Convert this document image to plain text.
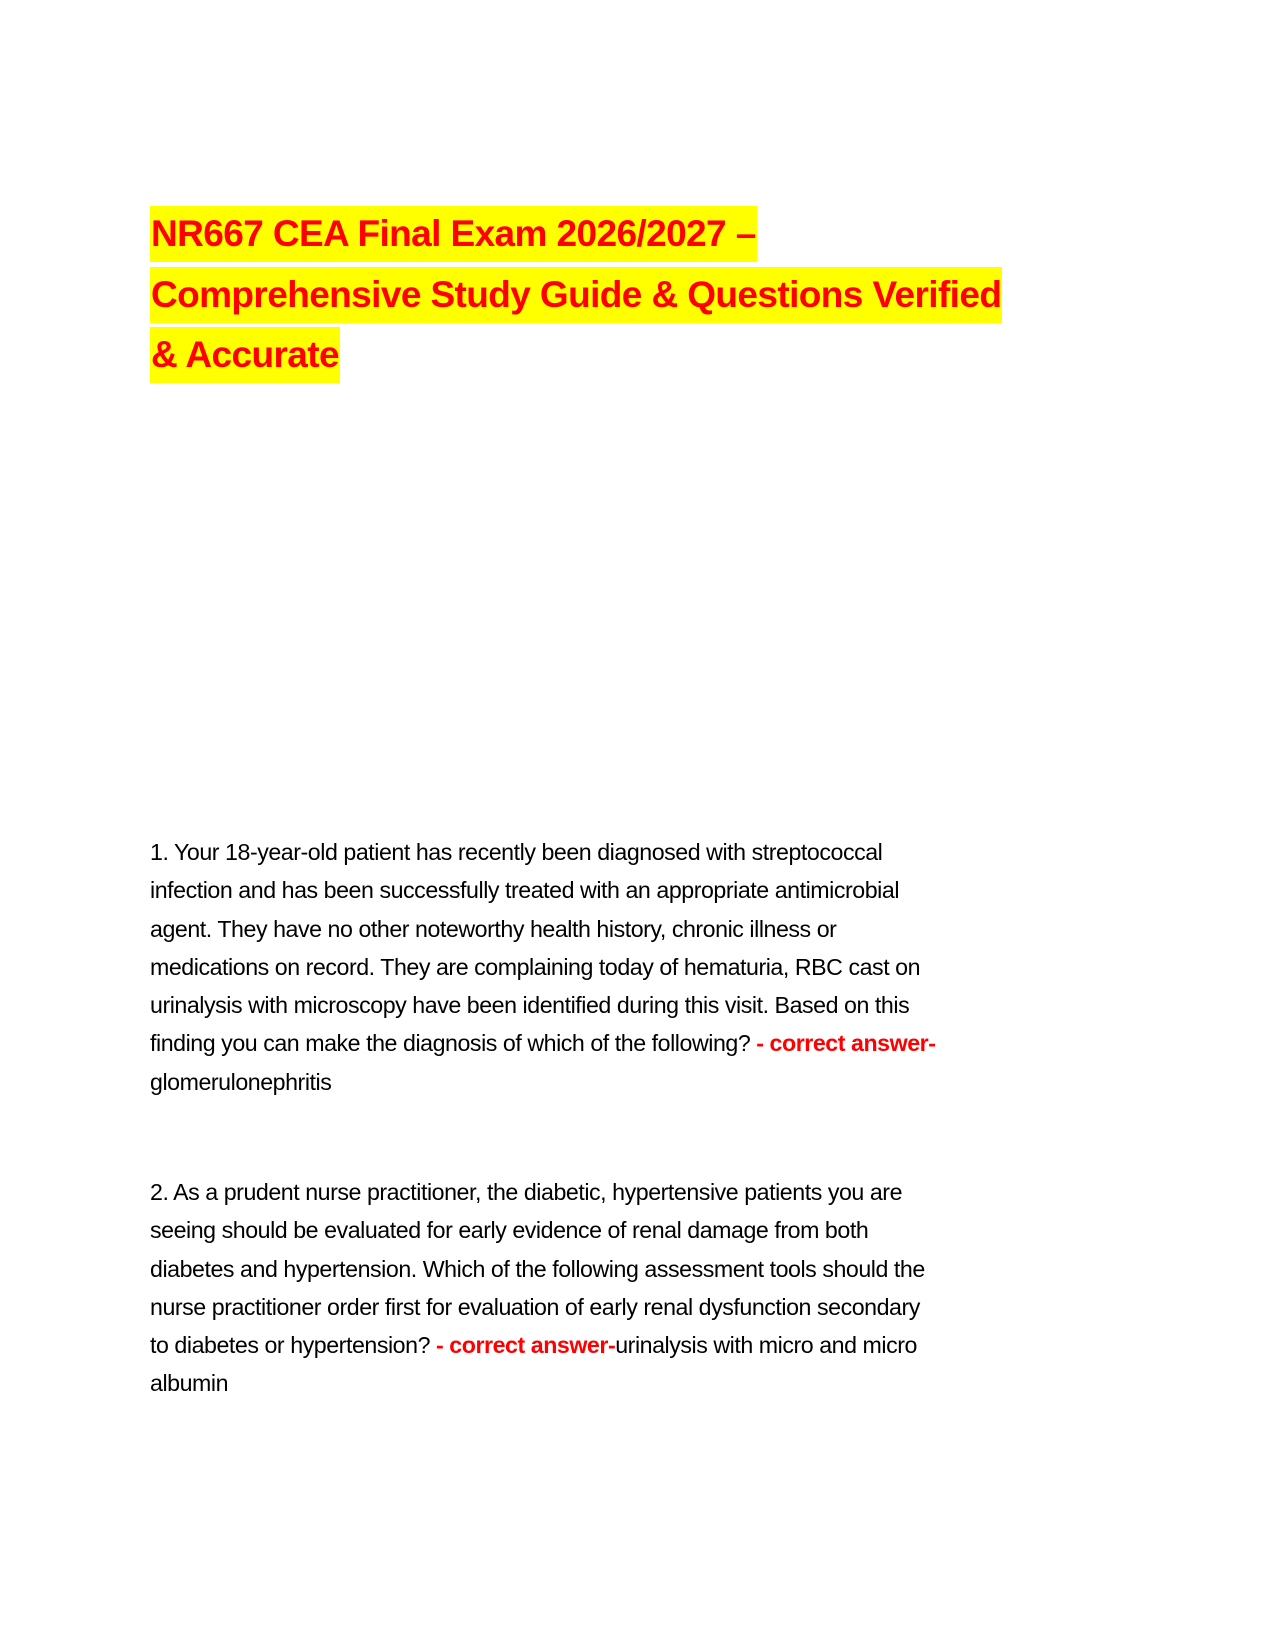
NR667 CEA Final Exam 2026/2027 –
Comprehensive Study Guide & Questions Verified
& Accurate
1. Your 18-year-old patient has recently been diagnosed with streptococcal
infection and has been successfully treated with an appropriate antimicrobial
agent. They have no other noteworthy health history, chronic illness or
medications on record. They are complaining today of hematuria, RBC cast on
urinalysis with microscopy have been identified during this visit. Based on this
finding you can make the diagnosis of which of the following? - correct answer-
glomerulonephritis
2. As a prudent nurse practitioner, the diabetic, hypertensive patients you are
seeing should be evaluated for early evidence of renal damage from both
diabetes and hypertension. Which of the following assessment tools should the
nurse practitioner order first for evaluation of early renal dysfunction secondary
to diabetes or hypertension? - correct answer-urinalysis with micro and micro
albumin
